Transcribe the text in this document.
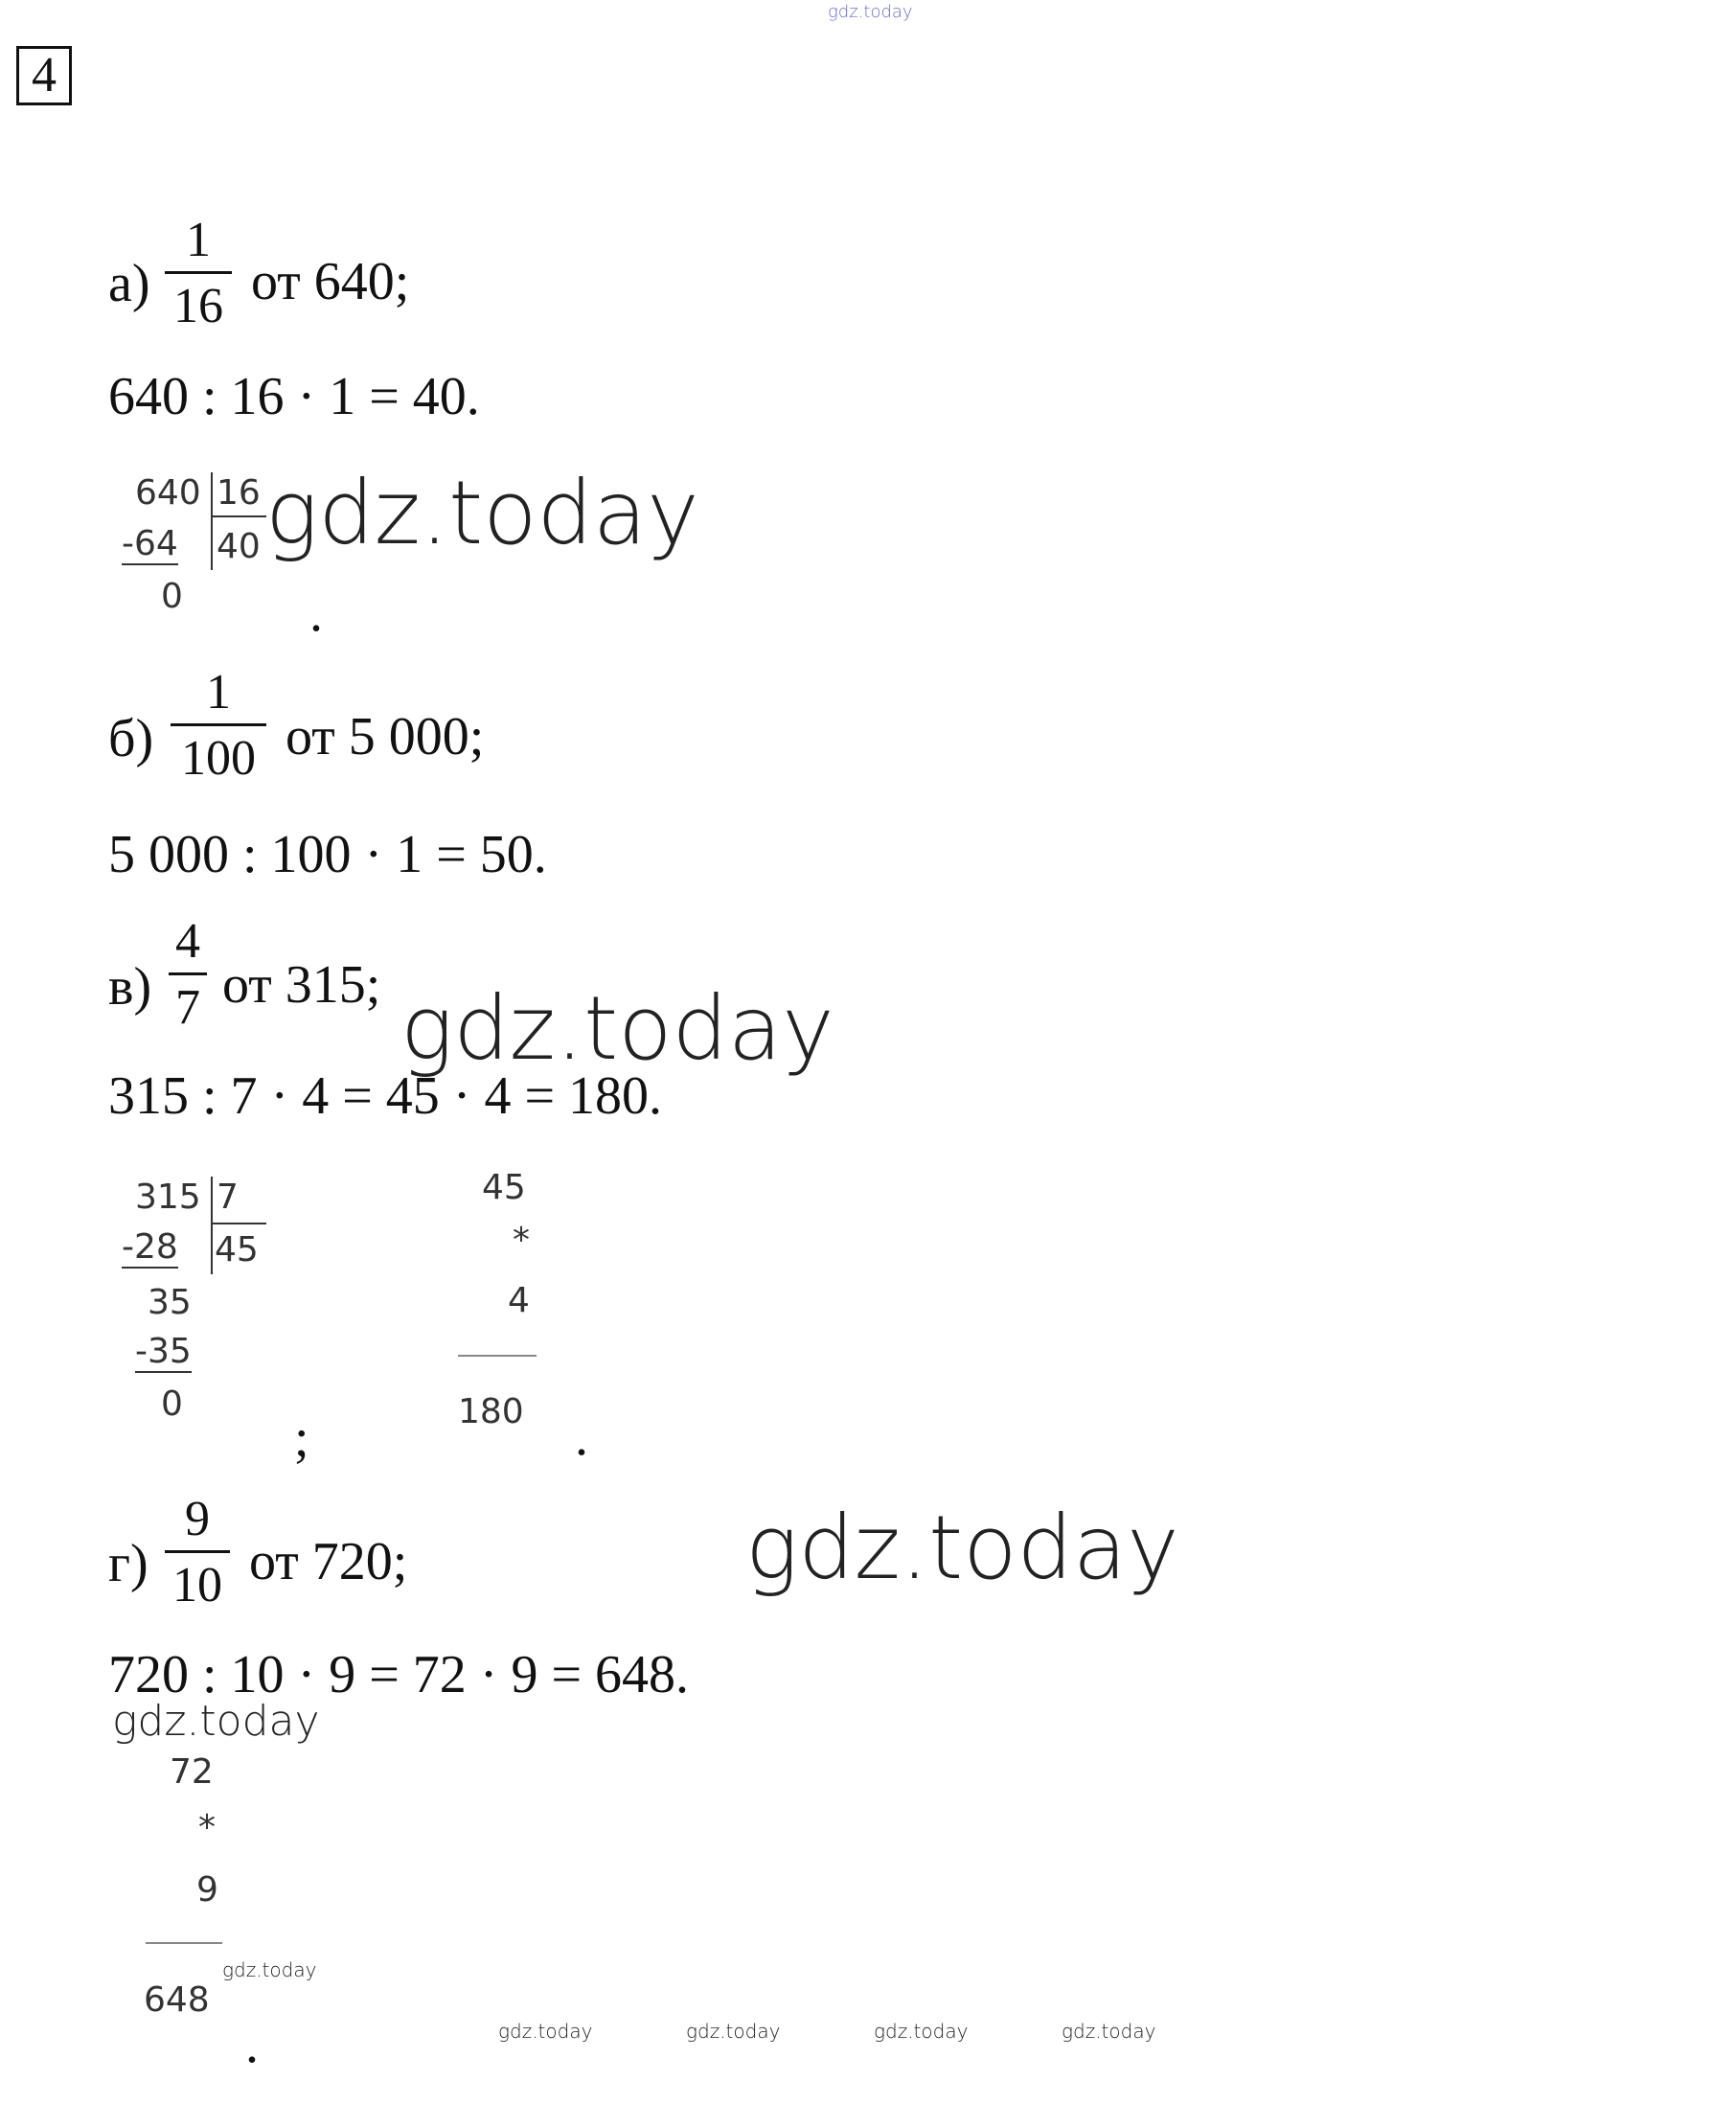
gdz.today
4
а)
1
16 от 640;
640 : 16 · 1 = 40.
640 16
-64 40
0
gdz.today
.
б)
1
100 от 5 000;
5 000 : 100 · 1 = 50.
в)
4
7 от 315; gdz.today
315 : 7 · 4 = 45 · 4 = 180.
315 7
-28 45
35
-35
0
;
45
*
4
180 .
г)
9
10 от 720;	gdz.today
720 : 10 · 9 = 72 · 9 = 648.
gdz.today
72
*
9
648
gdz.today
.	gdz.today	gdz.today	gdz.today	gdz.today
